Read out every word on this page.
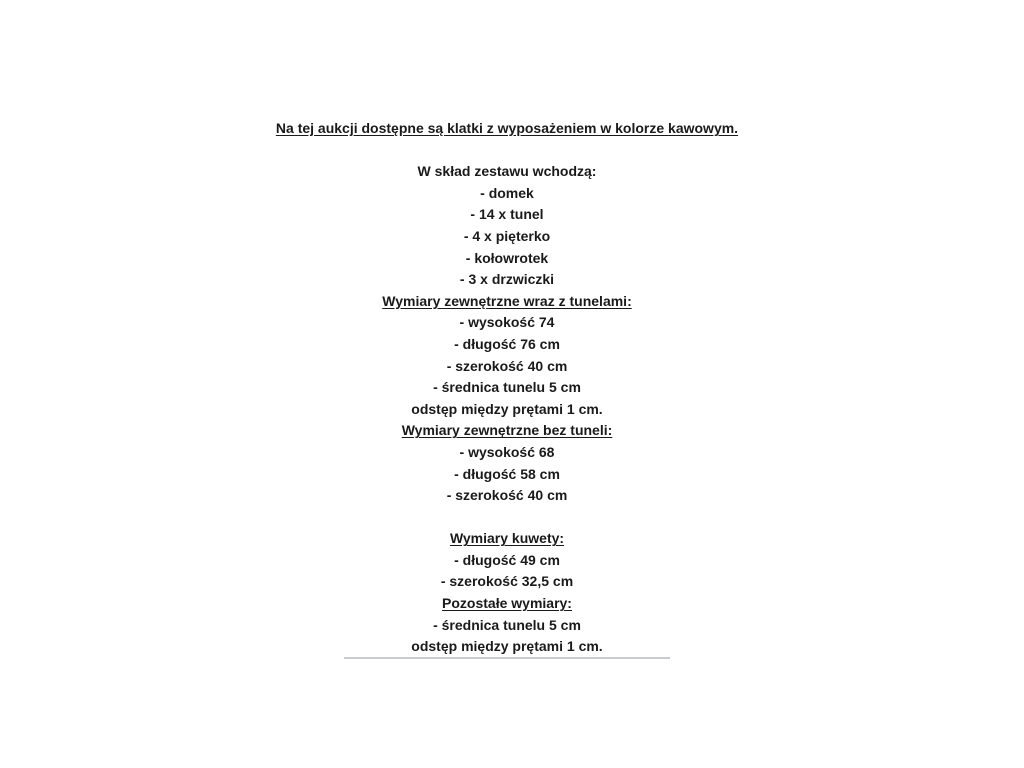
Na tej aukcji dostępne są klatki z wyposażeniem w kolorze kawowym.
W skład zestawu wchodzą:
- domek
- 14 x tunel
- 4 x pięterko
- kołowrotek
- 3 x drzwiczki
Wymiary zewnętrzne wraz z tunelami:
- wysokość 74
- długość 76 cm
- szerokość 40 cm
- średnica tunelu 5 cm
odstęp między prętami 1 cm.
Wymiary zewnętrzne bez tuneli:
- wysokość 68
- długość 58 cm
- szerokość 40 cm
Wymiary kuwety:
- długość 49 cm
- szerokość 32,5 cm
Pozostałe wymiary:
- średnica tunelu 5 cm
odstęp między prętami 1 cm.
